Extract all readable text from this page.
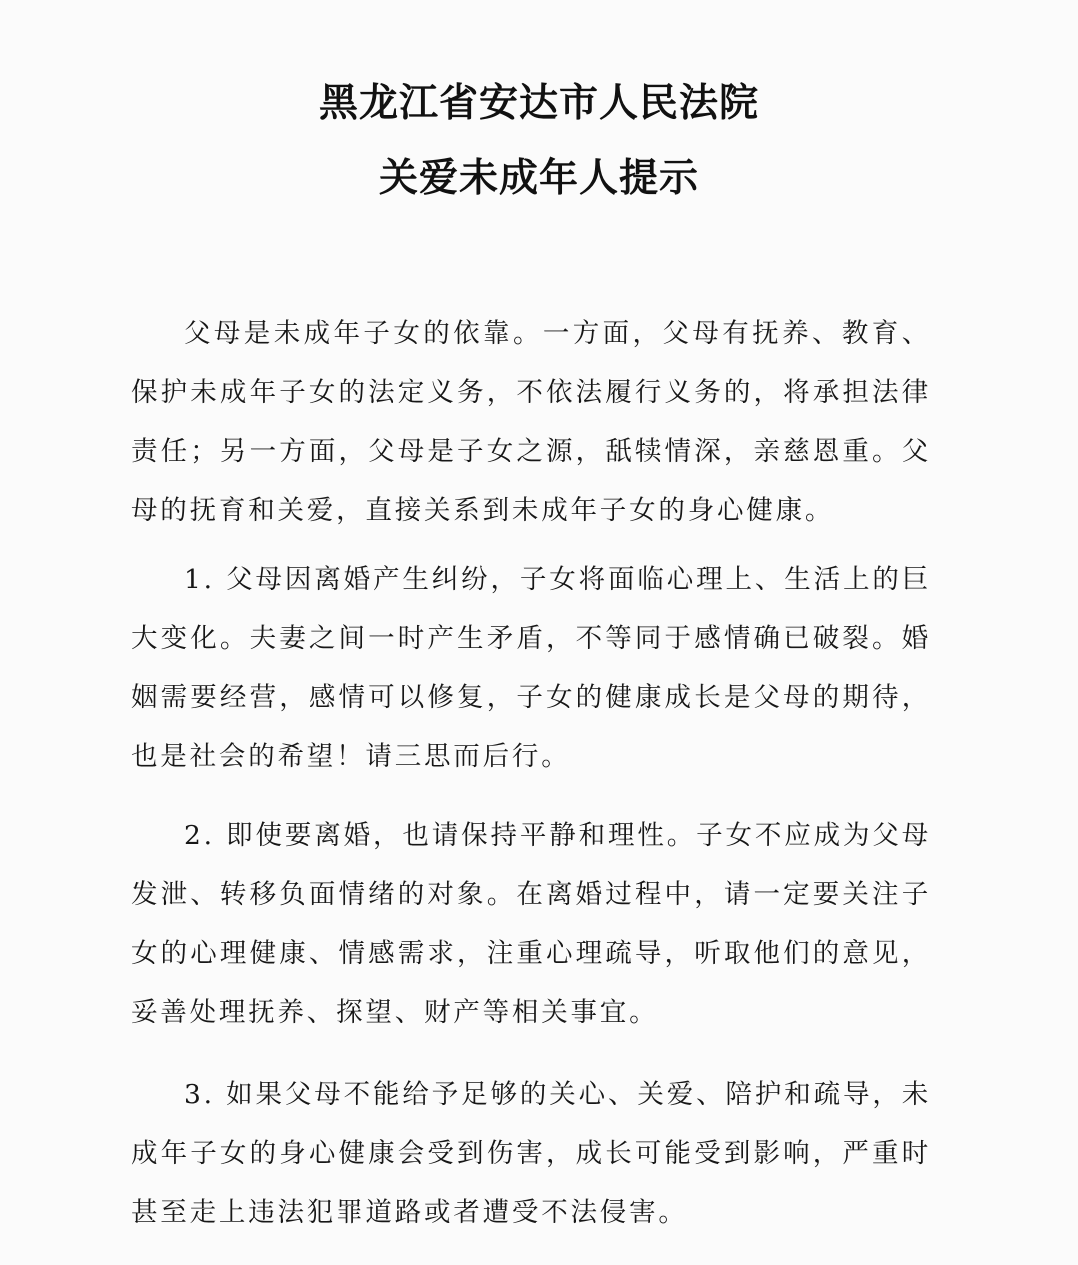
黑龙江省安达市人民法院
关爱未成年人提示

父母是未成年子女的依靠。一方面，父母有抚养、教育、保护未成年子女的法定义务，不依法履行义务的，将承担法律责任；另一方面，父母是子女之源，舐犊情深，亲慈恩重。父母的抚育和关爱，直接关系到未成年子女的身心健康。

1. 父母因离婚产生纠纷，子女将面临心理上、生活上的巨大变化。夫妻之间一时产生矛盾，不等同于感情确已破裂。婚姻需要经营，感情可以修复，子女的健康成长是父母的期待，也是社会的希望！请三思而后行。

2. 即使要离婚，也请保持平静和理性。子女不应成为父母发泄、转移负面情绪的对象。在离婚过程中，请一定要关注子女的心理健康、情感需求，注重心理疏导，听取他们的意见，妥善处理抚养、探望、财产等相关事宜。

3. 如果父母不能给予足够的关心、关爱、陪护和疏导，未成年子女的身心健康会受到伤害，成长可能受到影响，严重时甚至走上违法犯罪道路或者遭受不法侵害。
